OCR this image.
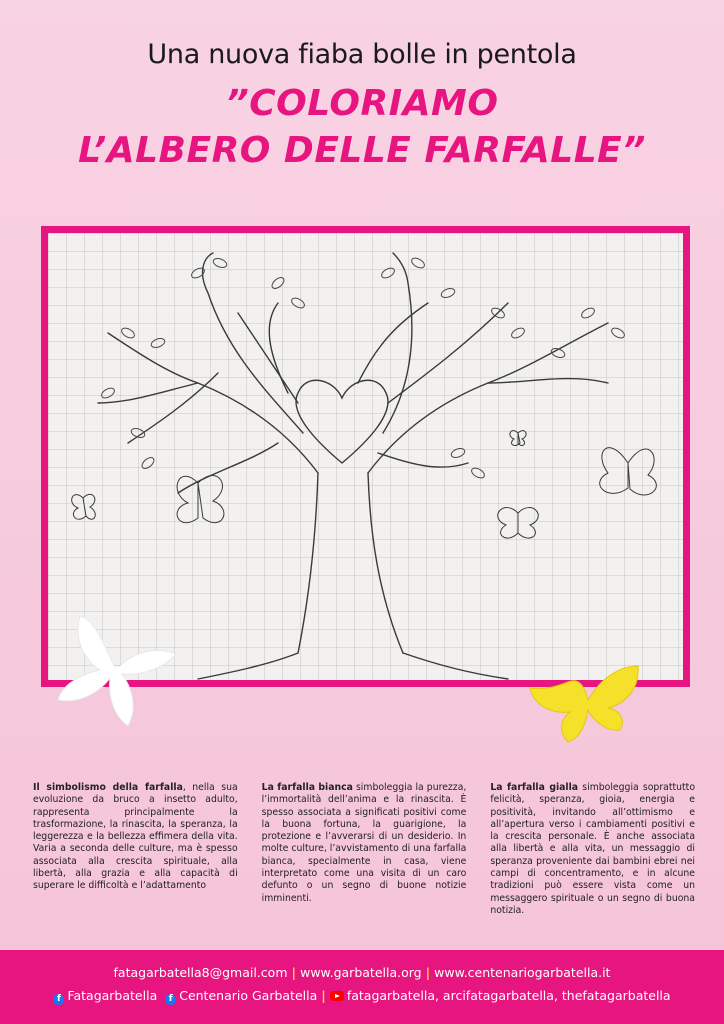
Una nuova fiaba bolle in pentola

”COLORIAMO
L’ALBERO DELLE FARFALLE”

Il simbolismo della farfalla, nella sua evoluzione da bruco a insetto adulto, rappresenta principalmente la trasformazione, la rinascita, la speranza, la leggerezza e la bellezza effimera della vita. Varia a seconda delle culture, ma è spesso associata alla crescita spirituale, alla libertà, alla grazia e alla capacità di superare le difficoltà e l’adattamento
La farfalla bianca simboleggia la purezza, l’immortalità dell’anima e la rinascita. È spesso associata a significati positivi come la buona fortuna, la guarigione, la protezione e l’avverarsi di un desiderio. In molte culture, l’avvistamento di una farfalla bianca, specialmente in casa, viene interpretato come una visita di un caro defunto o un segno di buone notizie imminenti.
La farfalla gialla simboleggia soprattutto felicità, speranza, gioia, energia e positività, invitando all’ottimismo e all’apertura verso i cambiamenti positivi e la crescita personale. È anche associata alla libertà e alla vita, un messaggio di speranza proveniente dai bambini ebrei nei campi di concentramento, e in alcune tradizioni può essere vista come un messaggero spirituale o un segno di buona notizia.
fatagarbatella8@gmail.com | www.garbatella.org | www.centenariogarbatella.it
f Fatagarbatella f Centenario Garbatella | fatagarbatella, arcifatagarbatella, thefatagarbatella
